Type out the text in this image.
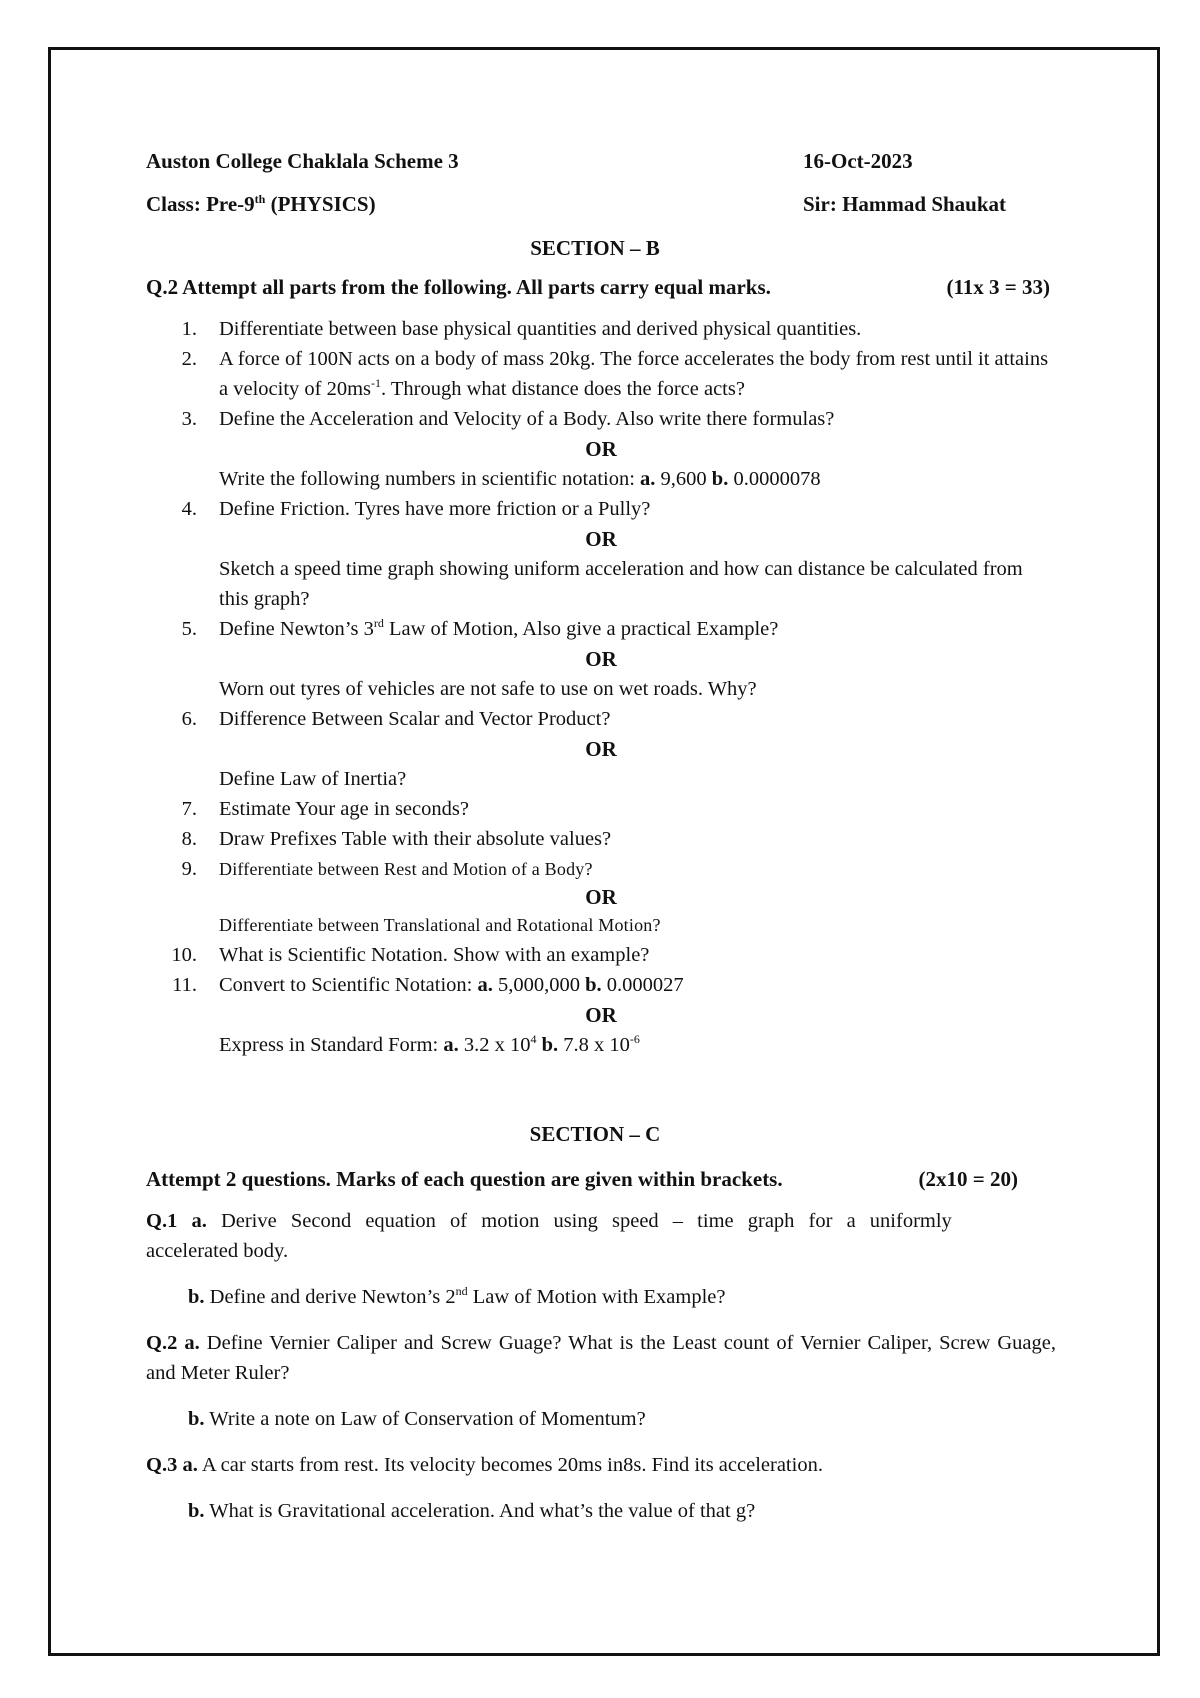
Auston College Chaklala Scheme 3	16-Oct-2023
Class: Pre-9th (PHYSICS)	Sir: Hammad Shaukat
SECTION – B
Q.2 Attempt all parts from the following. All parts carry equal marks.	(11x 3 = 33)
1. Differentiate between base physical quantities and derived physical quantities.
2. A force of 100N acts on a body of mass 20kg. The force accelerates the body from rest until it attains a velocity of $20ms^{-1}$. Through what distance does the force acts?
3. Define the Acceleration and Velocity of a Body. Also write there formulas?
OR
Write the following numbers in scientific notation: a. 9,600 b. 0.0000078
4. Define Friction. Tyres have more friction or a Pully?
OR
Sketch a speed time graph showing uniform acceleration and how can distance be calculated from this graph?
5. Define Newton’s 3rd Law of Motion, Also give a practical Example?
OR
Worn out tyres of vehicles are not safe to use on wet roads. Why?
6. Difference Between Scalar and Vector Product?
OR
Define Law of Inertia?
7. Estimate Your age in seconds?
8. Draw Prefixes Table with their absolute values?
9. Differentiate between Rest and Motion of a Body?
OR
Differentiate between Translational and Rotational Motion?
10. What is Scientific Notation. Show with an example?
11. Convert to Scientific Notation: a. 5,000,000 b. 0.000027
OR
Express in Standard Form: a. 3.2 x $10^4$ b. 7.8 x $10^{-6}$
SECTION – C
Attempt 2 questions. Marks of each question are given within brackets.	(2x10 = 20)
Q.1 a. Derive Second equation of motion using speed – time graph for a uniformly
accelerated body.
b. Define and derive Newton’s 2nd Law of Motion with Example?
Q.2 a. Define Vernier Caliper and Screw Guage? What is the Least count of Vernier Caliper, Screw Guage, and Meter Ruler?
b. Write a note on Law of Conservation of Momentum?
Q.3 a. A car starts from rest. Its velocity becomes 20ms in8s. Find its acceleration.
b. What is Gravitational acceleration. And what’s the value of that g?
